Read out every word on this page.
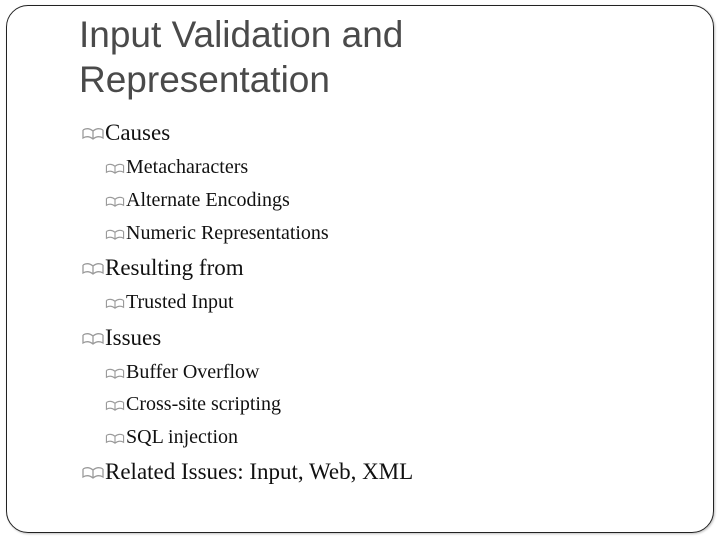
Input Validation and
Representation
Causes
Metacharacters
Alternate Encodings
Numeric Representations
Resulting from
Trusted Input
Issues
Buffer Overflow
Cross-site scripting
SQL injection
Related Issues: Input, Web, XML
